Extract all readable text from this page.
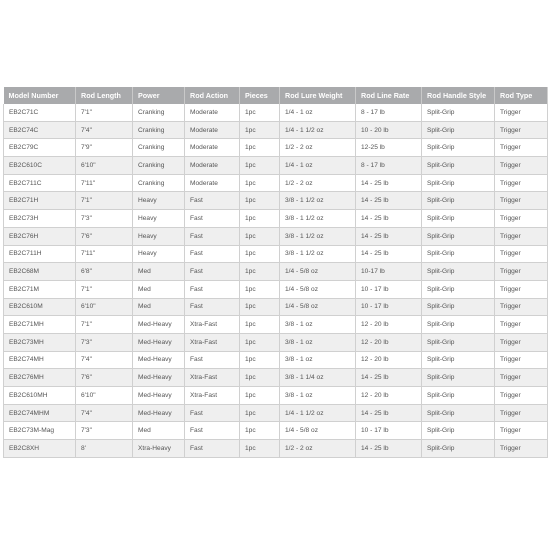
Model Number	Rod Length	Power	Rod Action	Pieces	Rod Lure Weight	Rod Line Rate	Rod Handle Style	Rod Type
EB2C71C	7'1"	Cranking	Moderate	1pc	1/4 - 1 oz	8 - 17 lb	Split-Grip	Trigger
EB2C74C	7'4"	Cranking	Moderate	1pc	1/4 - 1 1/2 oz	10 - 20 lb	Split-Grip	Trigger
EB2C79C	7'9"	Cranking	Moderate	1pc	1/2 - 2 oz	12-25 lb	Split-Grip	Trigger
EB2C610C	6'10"	Cranking	Moderate	1pc	1/4 - 1 oz	8 - 17 lb	Split-Grip	Trigger
EB2C711C	7'11"	Cranking	Moderate	1pc	1/2 - 2 oz	14 - 25 lb	Split-Grip	Trigger
EB2C71H	7'1"	Heavy	Fast	1pc	3/8 - 1 1/2 oz	14 - 25 lb	Split-Grip	Trigger
EB2C73H	7'3"	Heavy	Fast	1pc	3/8 - 1 1/2 oz	14 - 25 lb	Split-Grip	Trigger
EB2C76H	7'6"	Heavy	Fast	1pc	3/8 - 1 1/2 oz	14 - 25 lb	Split-Grip	Trigger
EB2C711H	7'11"	Heavy	Fast	1pc	3/8 - 1 1/2 oz	14 - 25 lb	Split-Grip	Trigger
EB2C68M	6'8"	Med	Fast	1pc	1/4 - 5/8 oz	10-17 lb	Split-Grip	Trigger
EB2C71M	7'1"	Med	Fast	1pc	1/4 - 5/8 oz	10 - 17 lb	Split-Grip	Trigger
EB2C610M	6'10"	Med	Fast	1pc	1/4 - 5/8 oz	10 - 17 lb	Split-Grip	Trigger
EB2C71MH	7'1"	Med-Heavy	Xtra-Fast	1pc	3/8 - 1 oz	12 - 20 lb	Split-Grip	Trigger
EB2C73MH	7'3"	Med-Heavy	Xtra-Fast	1pc	3/8 - 1 oz	12 - 20 lb	Split-Grip	Trigger
EB2C74MH	7'4"	Med-Heavy	Fast	1pc	3/8 - 1 oz	12 - 20 lb	Split-Grip	Trigger
EB2C76MH	7'6"	Med-Heavy	Xtra-Fast	1pc	3/8 - 1 1/4 oz	14 - 25 lb	Split-Grip	Trigger
EB2C610MH	6'10"	Med-Heavy	Xtra-Fast	1pc	3/8 - 1 oz	12 - 20 lb	Split-Grip	Trigger
EB2C74MHM	7'4"	Med-Heavy	Fast	1pc	1/4 - 1 1/2 oz	14 - 25 lb	Split-Grip	Trigger
EB2C73M-Mag	7'3"	Med	Fast	1pc	1/4 - 5/8 oz	10 - 17 lb	Split-Grip	Trigger
EB2C8XH	8'	Xtra-Heavy	Fast	1pc	1/2 - 2 oz	14 - 25 lb	Split-Grip	Trigger
